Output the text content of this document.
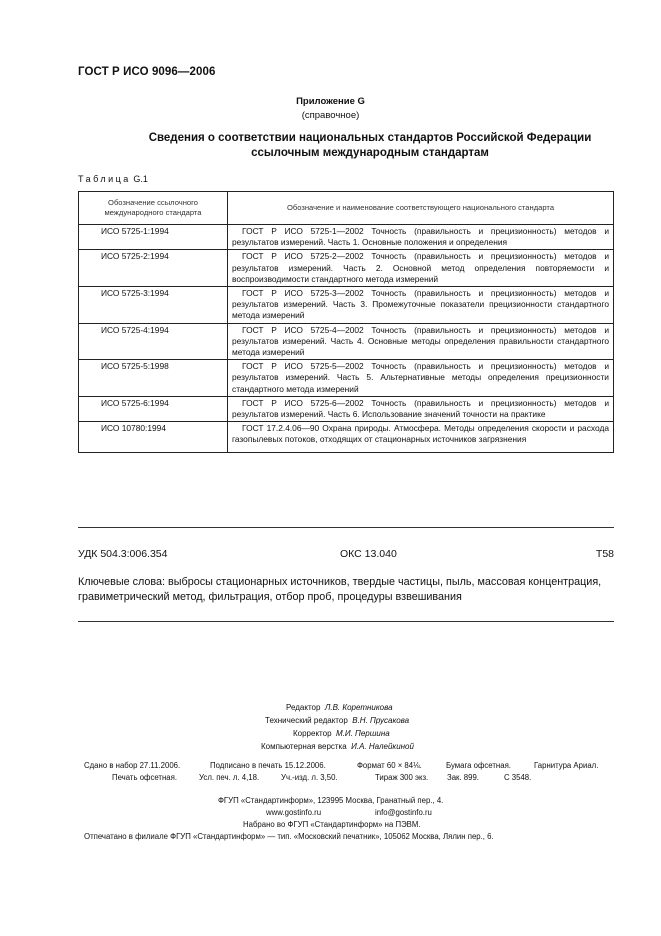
ГОСТ Р ИСО 9096—2006
Приложение G
(справочное)
Сведения о соответствии национальных стандартов Российской Федерации
ссылочным международным стандартам
Таблица G.1
Обозначение ссылочного международного стандарта	Обозначение и наименование соответствующего национального стандарта
ИСО 5725-1:1994	ГОСТ Р ИСО 5725-1—2002 Точность (правильность и прецизионность) методов и результатов измерений. Часть 1. Основные положения и определения
ИСО 5725-2:1994	ГОСТ Р ИСО 5725-2—2002 Точность (правильность и прецизионность) методов и результатов измерений. Часть 2. Основной метод определения повторяемости и воспроизводимости стандартного метода измерений
ИСО 5725-3:1994	ГОСТ Р ИСО 5725-3—2002 Точность (правильность и прецизионность) методов и результатов измерений. Часть 3. Промежуточные показатели прецизионности стандартного метода измерений
ИСО 5725-4:1994	ГОСТ Р ИСО 5725-4—2002 Точность (правильность и прецизионность) методов и результатов измерений. Часть 4. Основные методы определения правильности стандартного метода измерений
ИСО 5725-5:1998	ГОСТ Р ИСО 5725-5—2002 Точность (правильность и прецизионность) методов и результатов измерений. Часть 5. Альтернативные методы определения прецизионности стандартного метода измерений
ИСО 5725-6:1994	ГОСТ Р ИСО 5725-6—2002 Точность (правильность и прецизионность) методов и результатов измерений. Часть 6. Использование значений точности на практике
ИСО 10780:1994	ГОСТ 17.2.4.06—90 Охрана природы. Атмосфера. Методы определения скорости и расхода газопылевых потоков, отходящих от стационарных источников загрязнения
УДК 504.3:006.354	ОКС 13.040	Т58
Ключевые слова: выбросы стационарных источников, твердые частицы, пыль, массовая концентрация, гравиметрический метод, фильтрация, отбор проб, процедуры взвешивания
Редактор Л.В. Коретникова
Технический редактор В.Н. Прусакова
Корректор М.И. Першина
Компьютерная верстка И.А. Налейкиной
Сдано в набор 27.11.2006.	Подписано в печать 15.12.2006.	Формат 60 × 84⅛.	Бумага офсетная.	Гарнитура Ариал.
Печать офсетная.	Усл. печ. л. 4,18.	Уч.-изд. л. 3,50.	Тираж 300 экз. Зак. 899.	С 3548.
ФГУП «Стандартинформ», 123995 Москва, Гранатный пер., 4.
www.gostinfo.ru	info@gostinfo.ru
Набрано во ФГУП «Стандартинформ» на ПЭВМ.
Отпечатано в филиале ФГУП «Стандартинформ» — тип. «Московский печатник», 105062 Москва, Лялин пер., 6.
